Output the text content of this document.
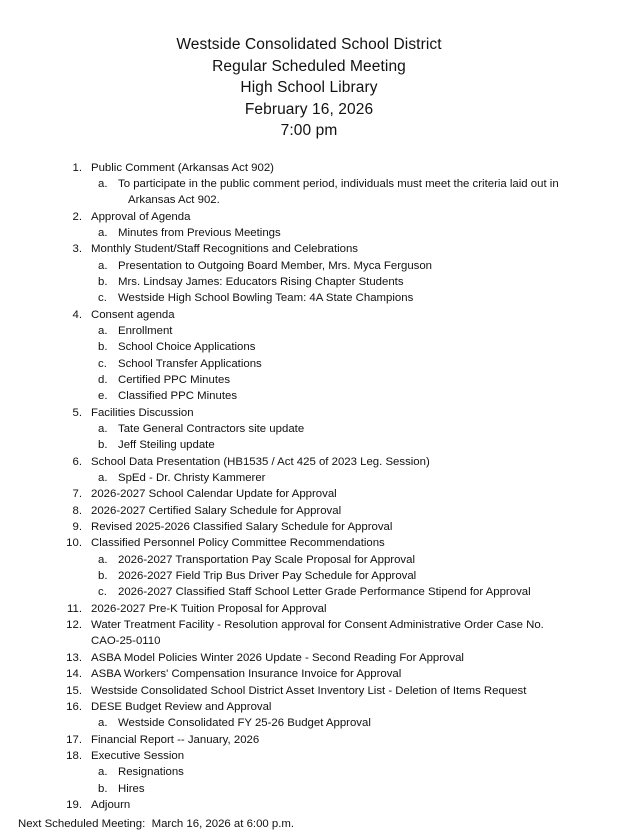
Westside Consolidated School District
Regular Scheduled Meeting
High School Library
February 16, 2026
7:00 pm
1. Public Comment (Arkansas Act 902)
a. To participate in the public comment period, individuals must meet the criteria laid out in
Arkansas Act 902.
2. Approval of Agenda
a. Minutes from Previous Meetings
3. Monthly Student/Staff Recognitions and Celebrations
a. Presentation to Outgoing Board Member, Mrs. Myca Ferguson
b. Mrs. Lindsay James: Educators Rising Chapter Students
c. Westside High School Bowling Team: 4A State Champions
4. Consent agenda
a. Enrollment
b. School Choice Applications
c. School Transfer Applications
d. Certified PPC Minutes
e. Classified PPC Minutes
5. Facilities Discussion
a. Tate General Contractors site update
b. Jeff Steiling update
6. School Data Presentation (HB1535 / Act 425 of 2023 Leg. Session)
a. SpEd - Dr. Christy Kammerer
7. 2026-2027 School Calendar Update for Approval
8. 2026-2027 Certified Salary Schedule for Approval
9. Revised 2025-2026 Classified Salary Schedule for Approval
10. Classified Personnel Policy Committee Recommendations
a. 2026-2027 Transportation Pay Scale Proposal for Approval
b. 2026-2027 Field Trip Bus Driver Pay Schedule for Approval
c. 2026-2027 Classified Staff School Letter Grade Performance Stipend for Approval
11. 2026-2027 Pre-K Tuition Proposal for Approval
12. Water Treatment Facility - Resolution approval for Consent Administrative Order Case No.
CAO-25-0110
13. ASBA Model Policies Winter 2026 Update - Second Reading For Approval
14. ASBA Workers' Compensation Insurance Invoice for Approval
15. Westside Consolidated School District Asset Inventory List - Deletion of Items Request
16. DESE Budget Review and Approval
a. Westside Consolidated FY 25-26 Budget Approval
17. Financial Report -- January, 2026
18. Executive Session
a. Resignations
b. Hires
19. Adjourn
Next Scheduled Meeting:  March 16, 2026 at 6:00 p.m.
